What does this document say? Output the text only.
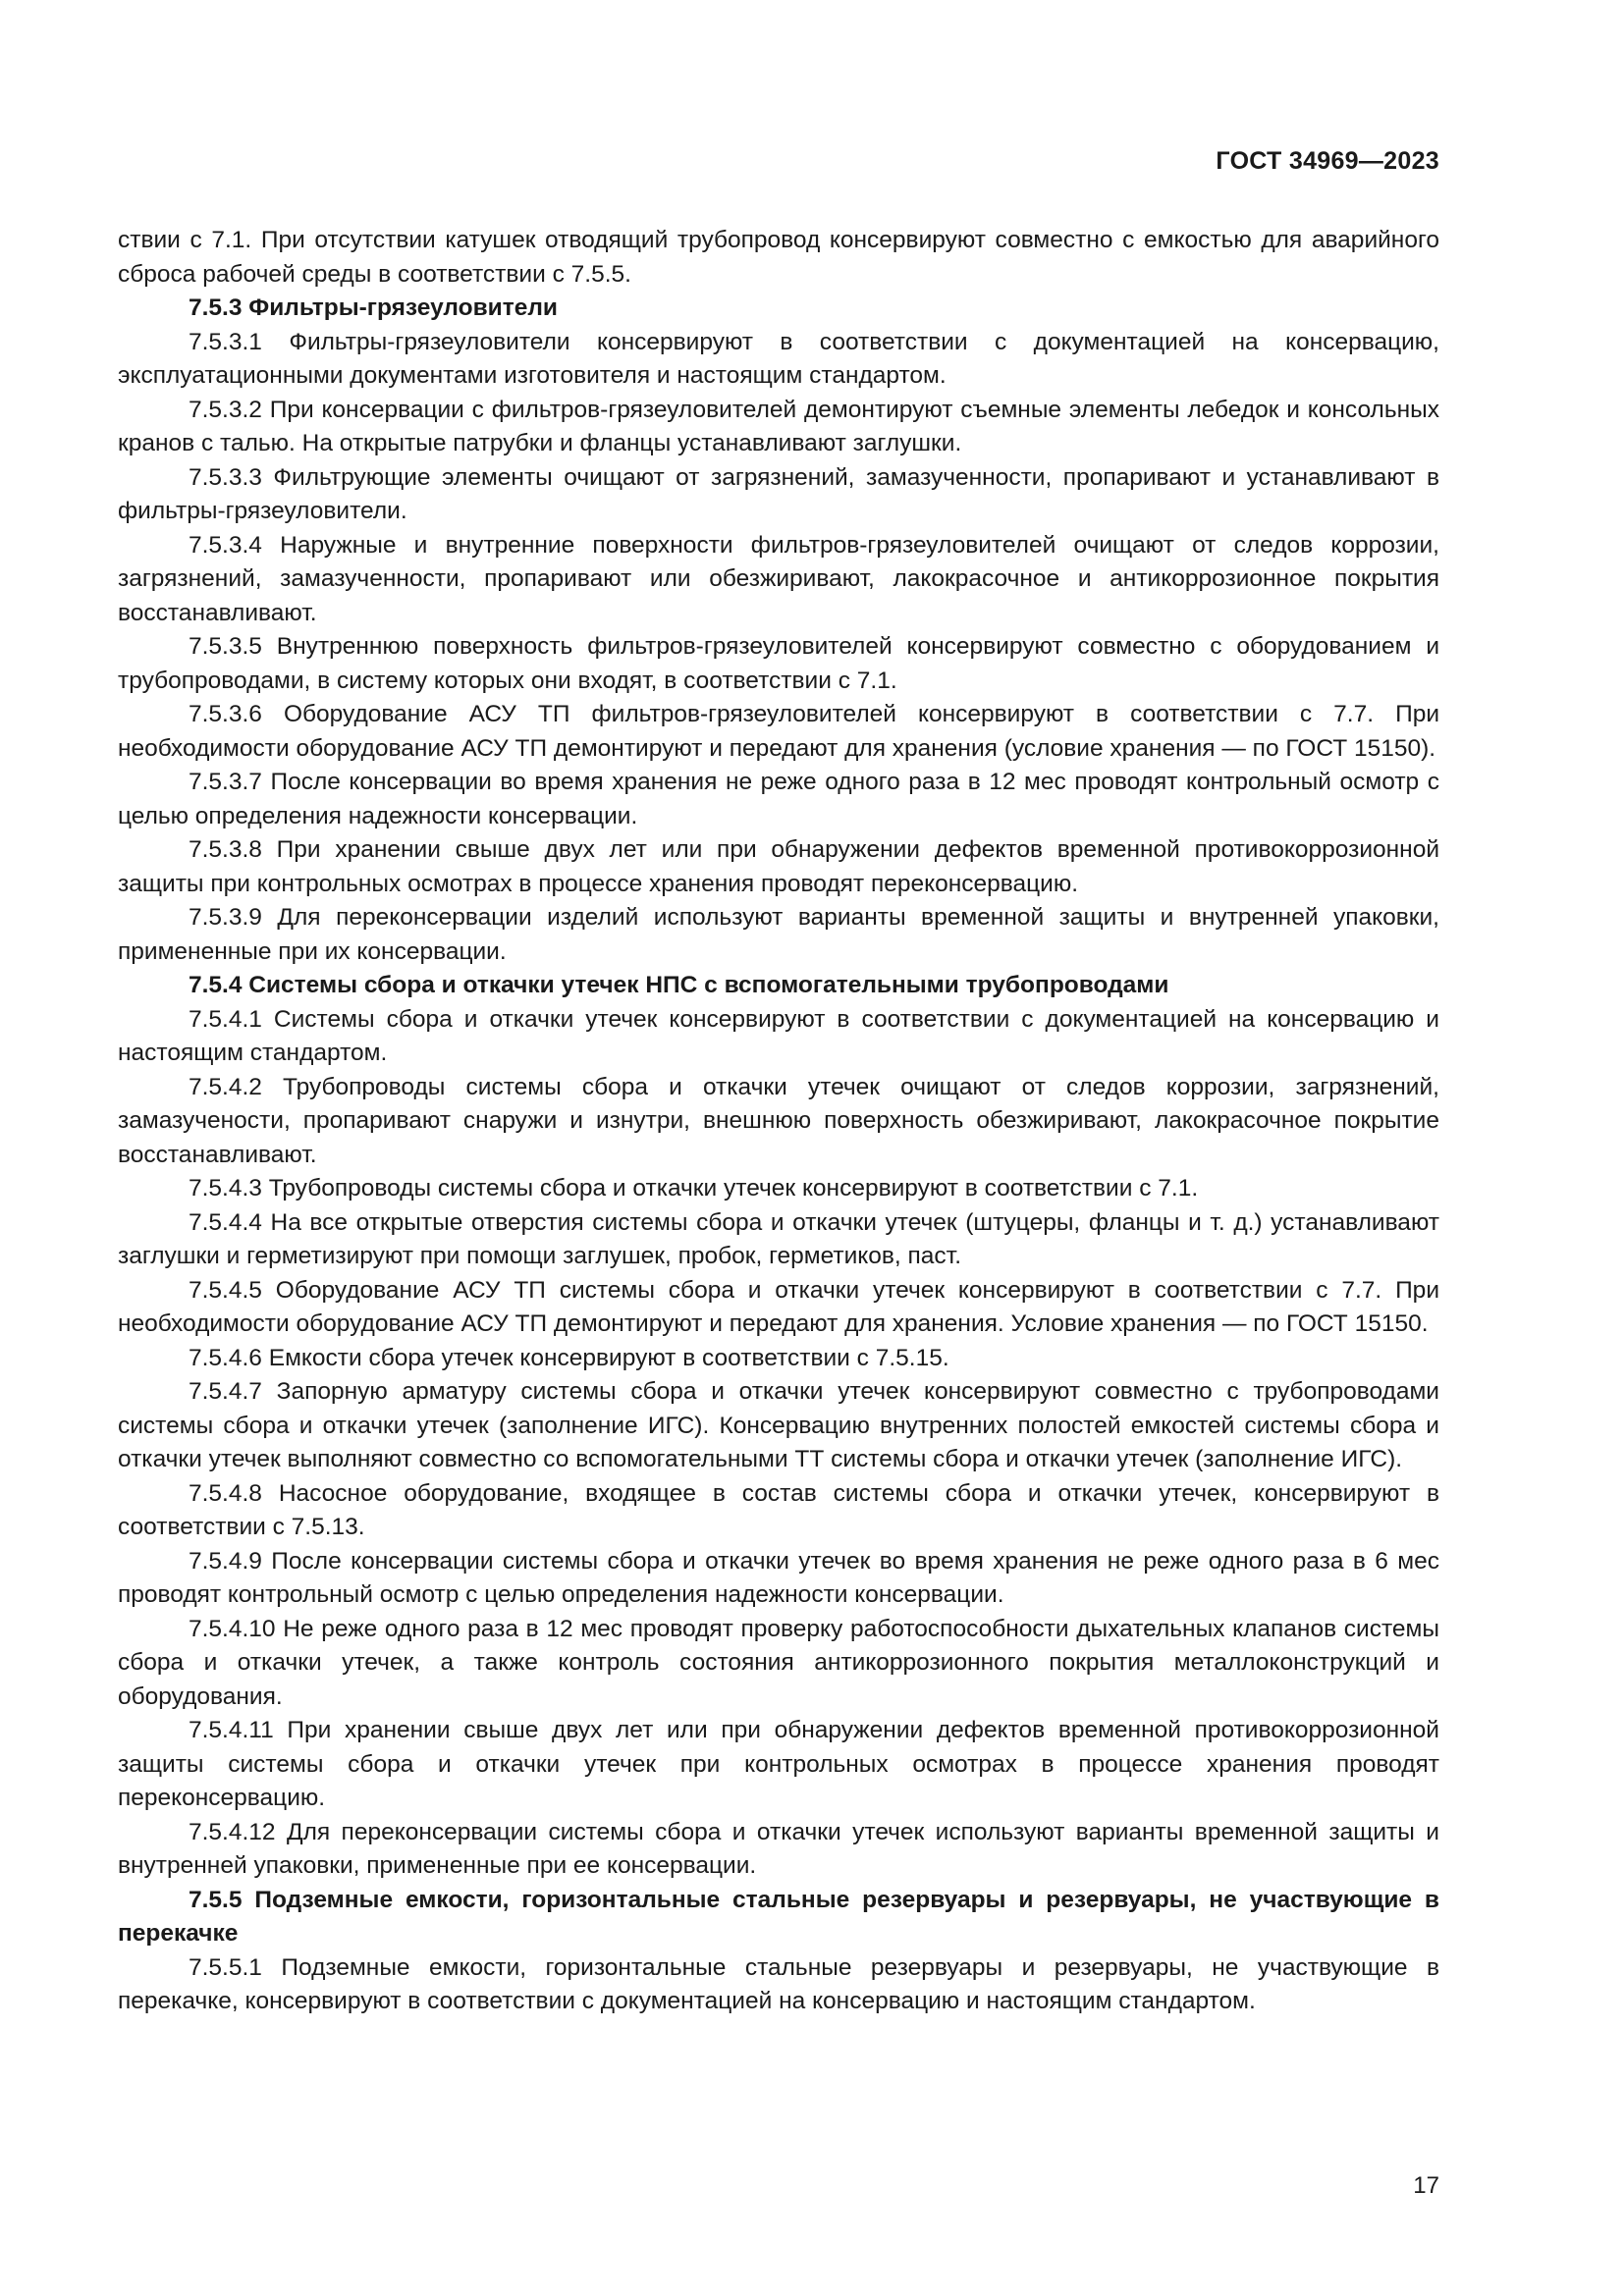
ГОСТ 34969—2023

ствии с 7.1. При отсутствии катушек отводящий трубопровод консервируют совместно с емкостью для аварийного сброса рабочей среды в соответствии с 7.5.5.

7.5.3 Фильтры-грязеуловители

7.5.3.1 Фильтры-грязеуловители консервируют в соответствии с документацией на консервацию, эксплуатационными документами изготовителя и настоящим стандартом.

7.5.3.2 При консервации с фильтров-грязеуловителей демонтируют съемные элементы лебедок и консольных кранов с талью. На открытые патрубки и фланцы устанавливают заглушки.

7.5.3.3 Фильтрующие элементы очищают от загрязнений, замазученности, пропаривают и устанавливают в фильтры-грязеуловители.

7.5.3.4 Наружные и внутренние поверхности фильтров-грязеуловителей очищают от следов коррозии, загрязнений, замазученности, пропаривают или обезжиривают, лакокрасочное и антикоррозионное покрытия восстанавливают.

7.5.3.5 Внутреннюю поверхность фильтров-грязеуловителей консервируют совместно с оборудованием и трубопроводами, в систему которых они входят, в соответствии с 7.1.

7.5.3.6 Оборудование АСУ ТП фильтров-грязеуловителей консервируют в соответствии с 7.7. При необходимости оборудование АСУ ТП демонтируют и передают для хранения (условие хранения — по ГОСТ 15150).

7.5.3.7 После консервации во время хранения не реже одного раза в 12 мес проводят контрольный осмотр с целью определения надежности консервации.

7.5.3.8 При хранении свыше двух лет или при обнаружении дефектов временной противокоррозионной защиты при контрольных осмотрах в процессе хранения проводят переконсервацию.

7.5.3.9 Для переконсервации изделий используют варианты временной защиты и внутренней упаковки, примененные при их консервации.

7.5.4 Системы сбора и откачки утечек НПС с вспомогательными трубопроводами

7.5.4.1 Системы сбора и откачки утечек консервируют в соответствии с документацией на консервацию и настоящим стандартом.

7.5.4.2 Трубопроводы системы сбора и откачки утечек очищают от следов коррозии, загрязнений, замазучености, пропаривают снаружи и изнутри, внешнюю поверхность обезжиривают, лакокрасочное покрытие восстанавливают.

7.5.4.3 Трубопроводы системы сбора и откачки утечек консервируют в соответствии с 7.1.

7.5.4.4 На все открытые отверстия системы сбора и откачки утечек (штуцеры, фланцы и т. д.) устанавливают заглушки и герметизируют при помощи заглушек, пробок, герметиков, паст.

7.5.4.5 Оборудование АСУ ТП системы сбора и откачки утечек консервируют в соответствии с 7.7. При необходимости оборудование АСУ ТП демонтируют и передают для хранения. Условие хранения — по ГОСТ 15150.

7.5.4.6 Емкости сбора утечек консервируют в соответствии с 7.5.15.

7.5.4.7 Запорную арматуру системы сбора и откачки утечек консервируют совместно с трубопроводами системы сбора и откачки утечек (заполнение ИГС). Консервацию внутренних полостей емкостей системы сбора и откачки утечек выполняют совместно со вспомогательными ТТ системы сбора и откачки утечек (заполнение ИГС).

7.5.4.8 Насосное оборудование, входящее в состав системы сбора и откачки утечек, консервируют в соответствии с 7.5.13.

7.5.4.9 После консервации системы сбора и откачки утечек во время хранения не реже одного раза в 6 мес проводят контрольный осмотр с целью определения надежности консервации.

7.5.4.10 Не реже одного раза в 12 мес проводят проверку работоспособности дыхательных клапанов системы сбора и откачки утечек, а также контроль состояния антикоррозионного покрытия металлоконструкций и оборудования.

7.5.4.11 При хранении свыше двух лет или при обнаружении дефектов временной противокоррозионной защиты системы сбора и откачки утечек при контрольных осмотрах в процессе хранения проводят переконсервацию.

7.5.4.12 Для переконсервации системы сбора и откачки утечек используют варианты временной защиты и внутренней упаковки, примененные при ее консервации.

7.5.5 Подземные емкости, горизонтальные стальные резервуары и резервуары, не участвующие в перекачке

7.5.5.1 Подземные емкости, горизонтальные стальные резервуары и резервуары, не участвующие в перекачке, консервируют в соответствии с документацией на консервацию и настоящим стандартом.

17
